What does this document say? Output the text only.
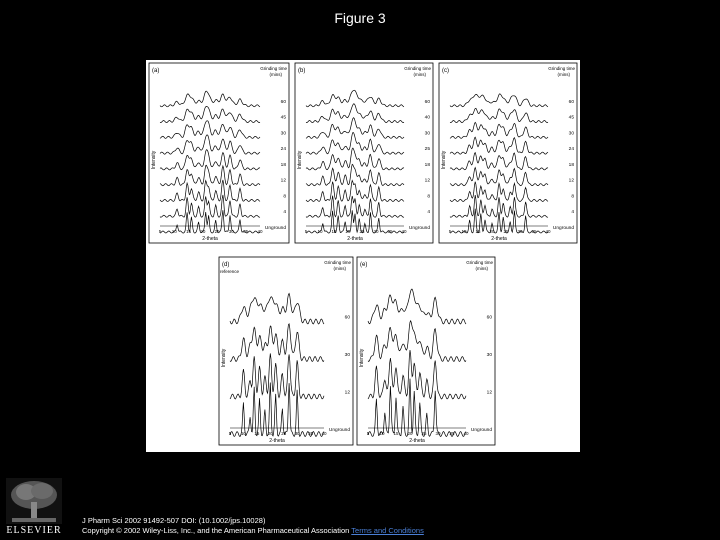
Figure 3
(a)
5 10 15 20 25 30 35 40
2-theta
Intensity
Grinding time
(mins)
60
45
30
24
18
12
8
4
Unground
(b)
5 10 15 20 25 30 35 40
2-theta
Intensity
Grinding time
(mins)
60
40
30
25
18
12
8
4
Unground
(c)
5 10 15 20 25 30 35 40
2-theta
Intensity
Grinding time
(mins)
60
45
30
24
18
12
8
4
Unground
(d)
5 10 15 20 25 30 35 40
2-theta
Intensity
Grinding time
(mins)
reference
60
30
12
Unground
(e)
5 10 15 20 25 30 35 40
2-theta
Intensity
Grinding time
(mins)
60
30
12
Unground
ELSEVIER
J Pharm Sci 2002 91492-507 DOI: (10.1002/jps.10028)
Copyright © 2002 Wiley-Liss, Inc., and the American Pharmaceutical Association Terms and Conditions
